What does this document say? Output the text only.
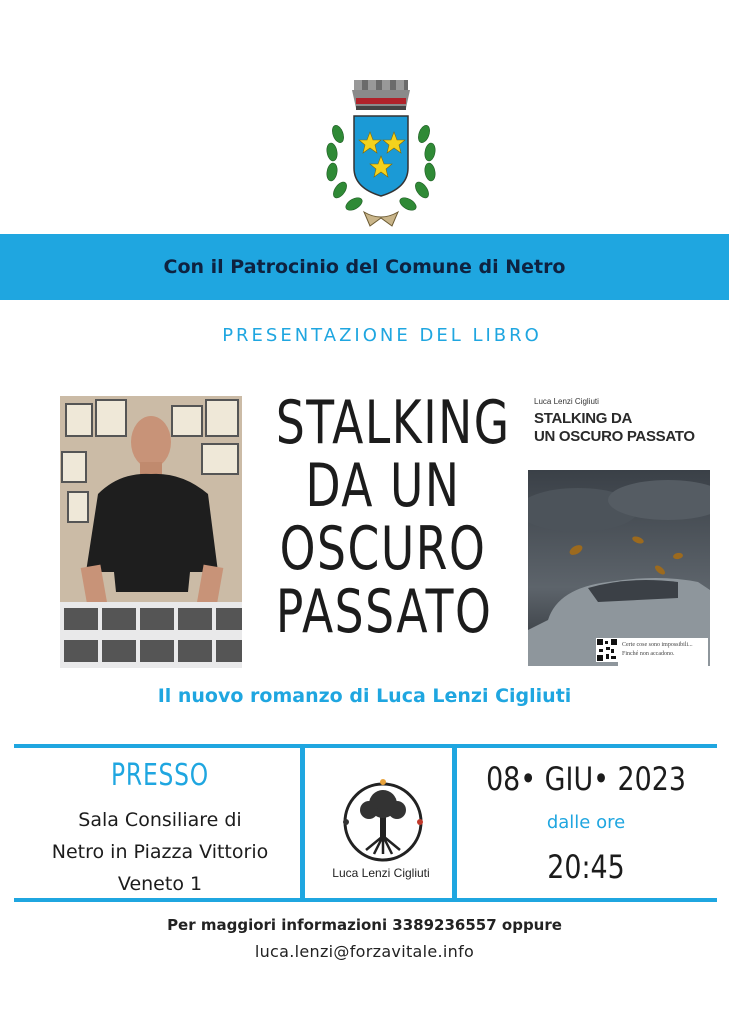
Con il Patrocinio del Comune di Netro
PRESENTAZIONE DEL LIBRO
STALKING
DA UN
OSCURO
PASSATO
Luca Lenzi Cigliuti
STALKING DA
UN OSCURO PASSATO
Certe cose sono impossibili...
Finché non accadono.
Il nuovo romanzo di Luca Lenzi Cigliuti
PRESSO
Sala Consiliare di
Netro in Piazza Vittorio
Veneto 1	Luca Lenzi Cigliuti
08• GIU• 2023
dalle ore
20:45
Per maggiori informazioni 3389236557 oppure
luca.lenzi@forzavitale.info
